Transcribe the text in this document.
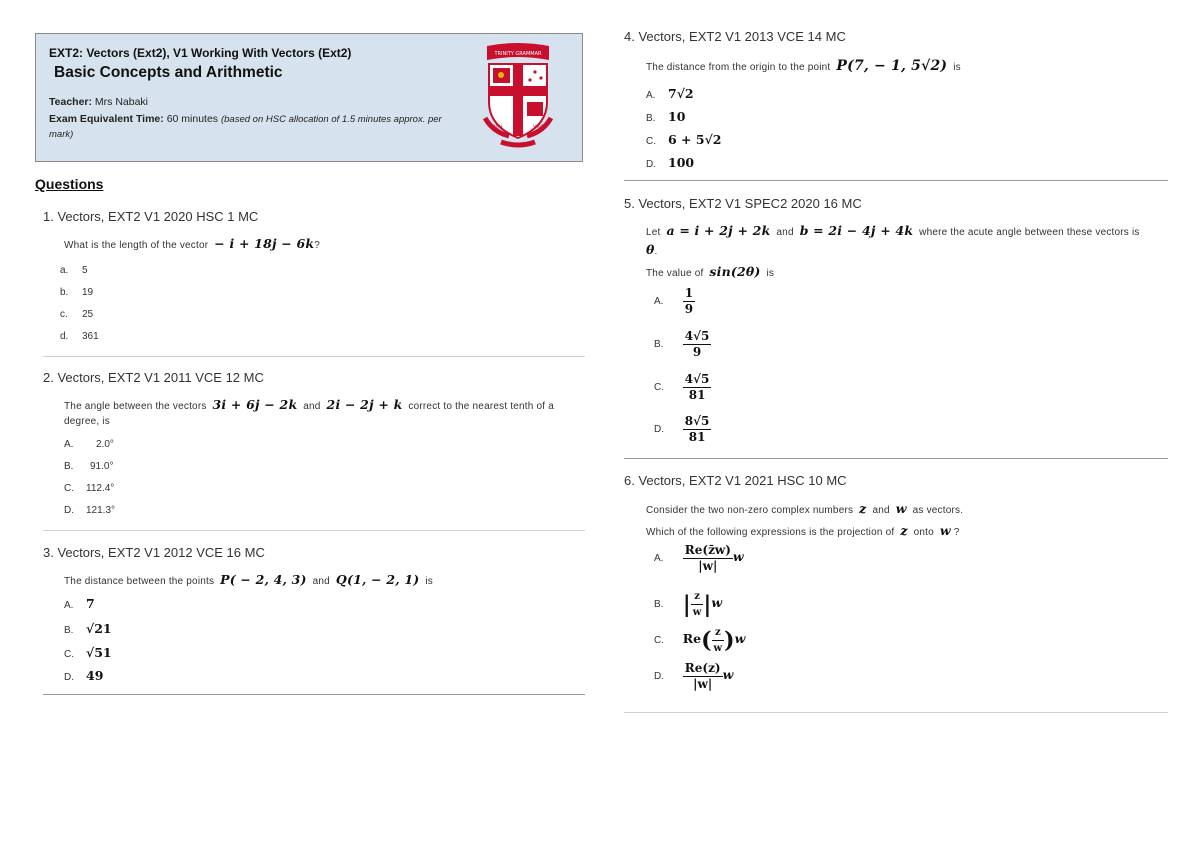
EXT2: Vectors (Ext2), V1 Working With Vectors (Ext2)
Basic Concepts and Arithmetic
Teacher: Mrs Nabaki
Exam Equivalent Time: 60 minutes (based on HSC allocation of 1.5 minutes approx. per
mark)
TRINITY GRAMMAR
FAITH	VALOR
SCHOOL
Questions
1. Vectors, EXT2 V1 2020 HSC 1 MC
What is the length of the vector − i + 18j − 6k?
a. 5
b. 19
c. 25
d. 361
2. Vectors, EXT2 V1 2011 VCE 12 MC
The angle between the vectors 3i + 6j − 2k and 2i − 2j + k correct to the nearest tenth of a
degree, is
A. 2.0°
B. 91.0°
C. 112.4°
D. 121.3°
3. Vectors, EXT2 V1 2012 VCE 16 MC
The distance between the points P( − 2, 4, 3) and Q(1, − 2, 1) is
A. 7
B. √21
C. √51
D. 49
4. Vectors, EXT2 V1 2013 VCE 14 MC
The distance from the origin to the point P(7, − 1, 5√2) is
A. 7√2
B. 10
C. 6 + 5√2
D. 100
5. Vectors, EXT2 V1 SPEC2 2020 16 MC
Let a = i + 2j + 2k and b = 2i − 4j + 4k where the acute angle between these vectors is
θ.
The value of sin(2θ) is
A. $\frac{1}{9}$
B. $\frac{4√5}{9}$
C. $\frac{4√5}{81}$
D. $\frac{8√5}{81}$
6. Vectors, EXT2 V1 2021 HSC 10 MC
Consider the two non-zero complex numbers z and w as vectors.
Which of the following expressions is the projection of z onto w ?
A. $\frac{Re(z̄w)}{|w|}$ w
B. | $\frac{z}{w} |w$
C. $Re( \frac{z}{w} )w$
D. $\frac{Re(z)}{|w|}$ w
